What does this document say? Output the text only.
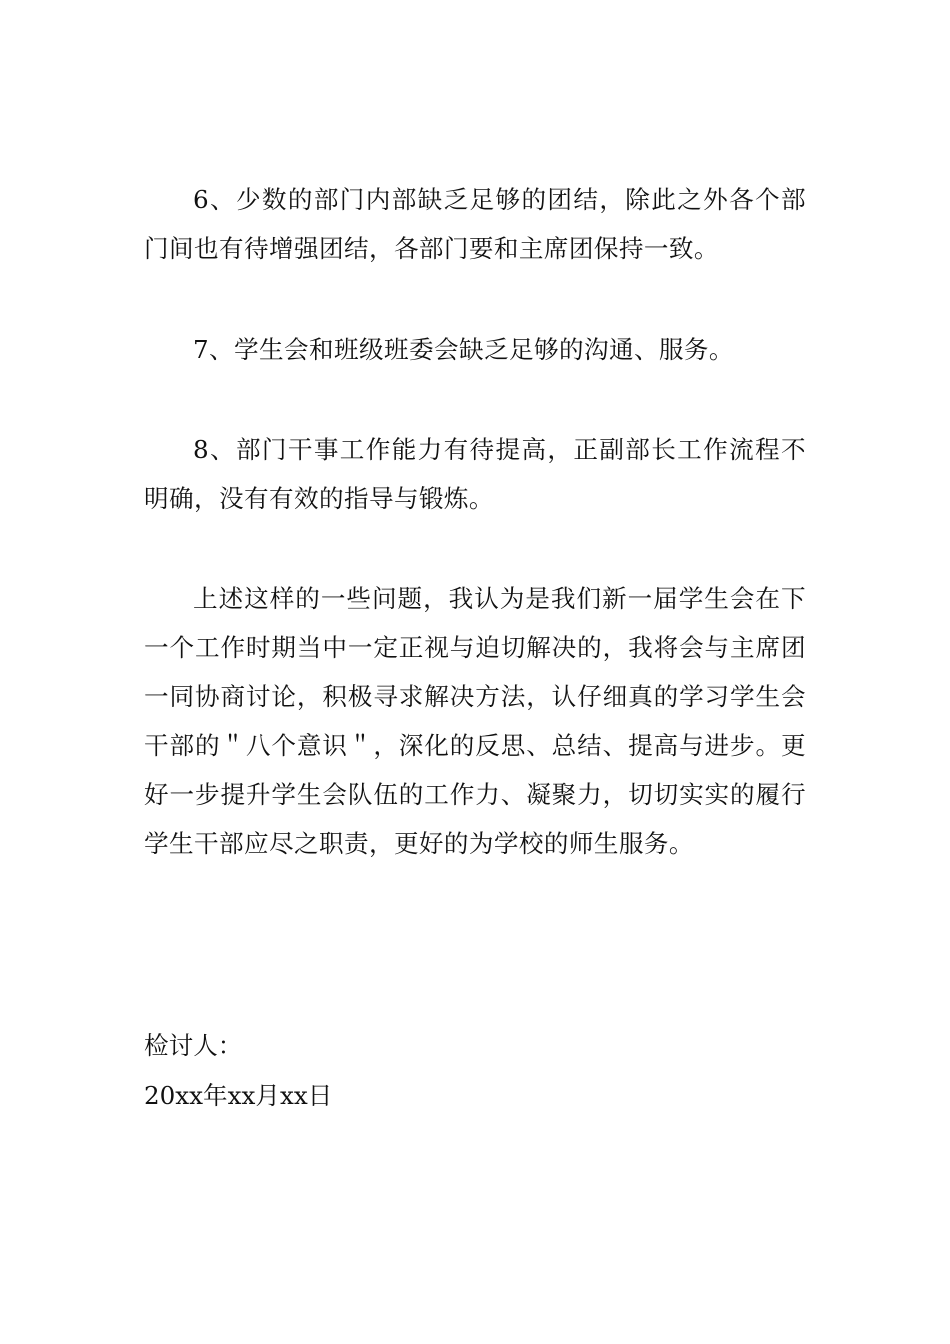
6、少数的部门内部缺乏足够的团结，除此之外各个部门间也有待增强团结，各部门要和主席团保持一致。

7、学生会和班级班委会缺乏足够的沟通、服务。

8、部门干事工作能力有待提高，正副部长工作流程不明确，没有有效的指导与锻炼。

上述这样的一些问题，我认为是我们新一届学生会在下一个工作时期当中一定正视与迫切解决的，我将会与主席团一同协商讨论，积极寻求解决方法，认仔细真的学习学生会干部的＂八个意识＂，深化的反思、总结、提高与进步。更好一步提升学生会队伍的工作力、凝聚力，切切实实的履行学生干部应尽之职责，更好的为学校的师生服务。

检讨人：

20xx年xx月xx日
